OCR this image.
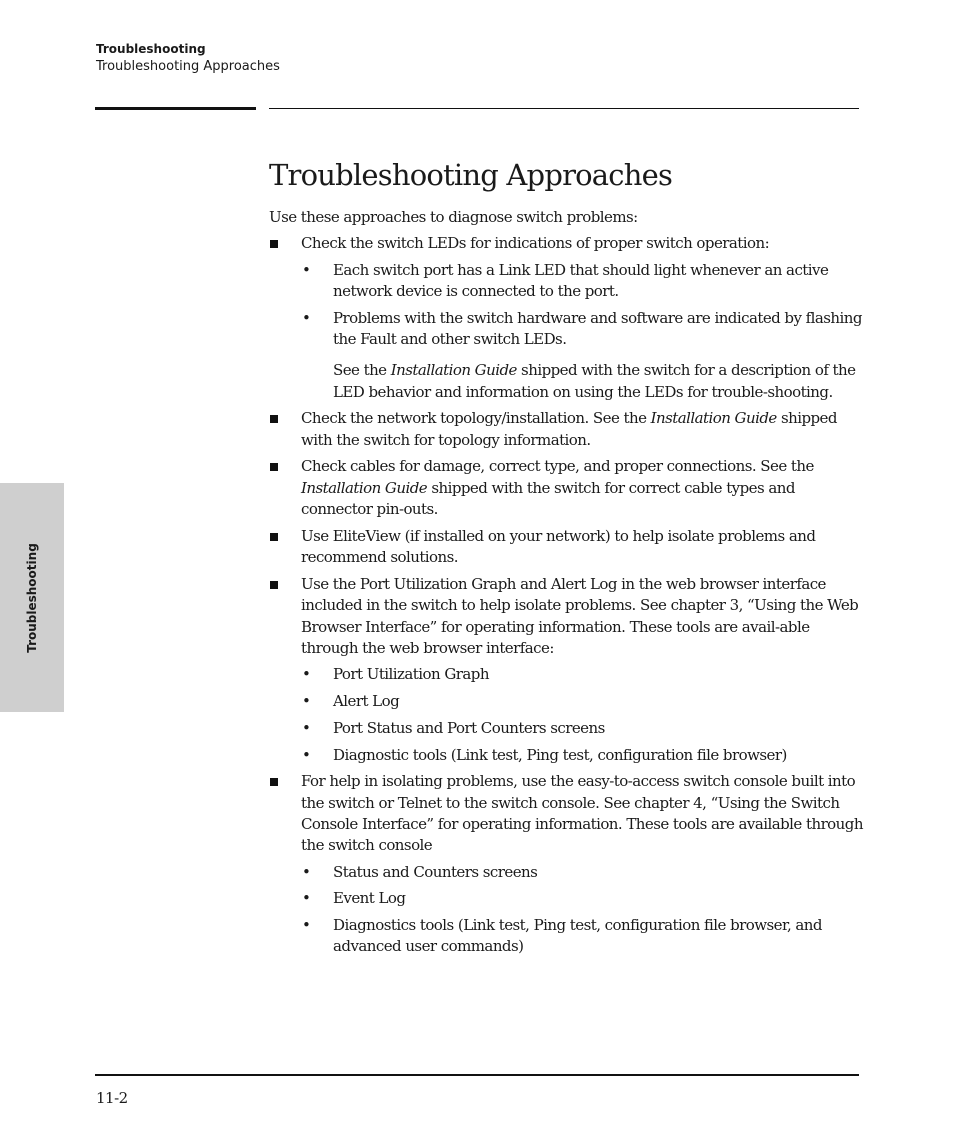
Troubleshooting
Troubleshooting Approaches
Troubleshooting
Troubleshooting Approaches

Use these approaches to diagnose switch problems:

Check the switch LEDs for indications of proper switch operation:
• Each switch port has a Link LED that should light whenever an active network device is connected to the port.
• Problems with the switch hardware and software are indicated by flashing the Fault and other switch LEDs.

See the Installation Guide shipped with the switch for a description of the LED behavior and information on using the LEDs for trouble-shooting.

Check the network topology/installation. See the Installation Guide shipped with the switch for topology information.
Check cables for damage, correct type, and proper connections. See the Installation Guide shipped with the switch for correct cable types and connector pin-outs.
Use EliteView (if installed on your network) to help isolate problems and recommend solutions.
Use the Port Utilization Graph and Alert Log in the web browser interface included in the switch to help isolate problems. See chapter 3, “Using the Web Browser Interface” for operating information. These tools are avail-able through the web browser interface:
• Port Utilization Graph
• Alert Log
• Port Status and Port Counters screens
• Diagnostic tools (Link test, Ping test, configuration file browser)
For help in isolating problems, use the easy-to-access switch console built into the switch or Telnet to the switch console. See chapter 4, “Using the Switch Console Interface” for operating information. These tools are available through the switch console
• Status and Counters screens
• Event Log
• Diagnostics tools (Link test, Ping test, configuration file browser, and advanced user commands)
11-2
